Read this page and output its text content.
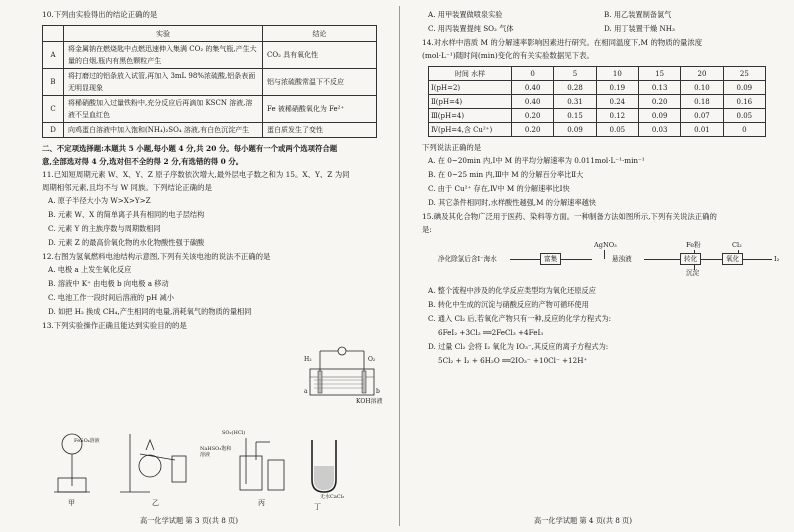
10.下列由实验得出的结论正确的是

	实验	结论
A	将金属钠在燃烧匙中点燃迅速伸入集满 CO₂ 的集气瓶,产生大量的白烟,瓶内有黑色颗粒产生	CO₂ 具有氧化性
B	将打磨过的铝条放入试管,再加入 3mL 98%浓硫酸,铝条表面无明显现象	铝与浓硫酸常温下不反应
C	将稀硝酸加入过量铁粉中,充分反应后再滴加 KSCN 溶液,溶液不呈血红色	Fe 被稀硝酸氧化为 Fe²⁺
D	向鸡蛋白溶液中加入饱和(NH₄)₂SO₄ 溶液,有白色沉淀产生	蛋白质发生了变性

二、不定项选择题:本题共 5 小题,每小题 4 分,共 20 分。每小题有一个或两个选项符合题

意,全部选对得 4 分,选对但不全的得 2 分,有选错的得 0 分。

11.已知短周期元素 W、X、Y、Z 原子序数依次增大,最外层电子数之和为 15。X、Y、Z 为同

周期相邻元素,且均不与 W 同族。下列结论正确的是

A. 原子半径大小为 W>X>Y>Z

B. 元素 W、X 的简单离子具有相同的电子层结构

C. 元素 Y 的主族序数与周期数相同

D. 元素 Z 的最高价氧化物的水化物酸性强于碳酸

12.右图为氢氧燃料电池结构示意图,下列有关该电池的说法不正确的是

A. 电极 a 上发生氧化反应

B. 溶液中 K⁺ 由电极 b 向电极 a 移动

C. 电池工作一段时间后溶液的 pH 减小

D. 如把 H₂ 换成 CH₄,产生相同的电量,消耗氧气的物质的量相同

13.下列实验操作正确且能达到实验目的的是

H₂	O₂
a	b
KOH溶液
FeSO₄溶液
SO₂(HCl)
NaHSO₃饱和溶液
无水CaCl₂
甲	乙	丙	丁
高一化学试题 第 3 页(共 8 页)

A. 用甲装置做喷泉实验	B. 用乙装置制备氯气

C. 用丙装置提纯 SO₂ 气体	D. 用丁装置干燥 NH₃

14.对水样中溶质 M 的分解速率影响因素进行研究。在相同温度下,M 的物质的量浓度

(mol·L⁻¹)随时间(min)变化的有关实验数据见下表。

时间 水样	0	5	10	15	20	25
Ⅰ(pH=2)	0.40	0.28	0.19	0.13	0.10	0.09
Ⅱ(pH=4)	0.40	0.31	0.24	0.20	0.18	0.16
Ⅲ(pH=4)	0.20	0.15	0.12	0.09	0.07	0.05
Ⅳ(pH=4,含 Cu²⁺)	0.20	0.09	0.05	0.03	0.01	0

下列说法正确的是

A. 在 0~20min 内,Ⅰ中 M 的平均分解速率为 0.011mol·L⁻¹·min⁻¹

B. 在 0~25 min 内,Ⅲ中 M 的分解百分率比Ⅱ大

C. 由于 Cu²⁺ 存在,Ⅳ中 M 的分解速率比Ⅰ快

D. 其它条件相同时,水样酸性越强,M 的分解速率越快

15.碘及其化合物广泛用于医药、染料等方面。一种制备方法如图所示,下列有关说法正确的

是:

净化除氯后含I⁻海水
AgNO₃
富集	悬浊液
Fe粉
转化
沉淀
Cl₂
氧化	I₂

A. 整个流程中涉及的化学反应类型均为氧化还原反应

B. 转化中生成的沉淀与硝酸反应的产物可循环使用

C. 通入 Cl₂ 后,若氧化产物只有一种,反应的化学方程式为:

6FeI₂ +3Cl₂ ══2FeCl₃ +4FeI₃

D. 过量 Cl₂ 会将 I₂ 氧化为 IO₃⁻,其反应的离子方程式为:

5Cl₂ + I₂ + 6H₂O ══2IO₃⁻ +10Cl⁻ +12H⁺

高一化学试题 第 4 页(共 8 页)
